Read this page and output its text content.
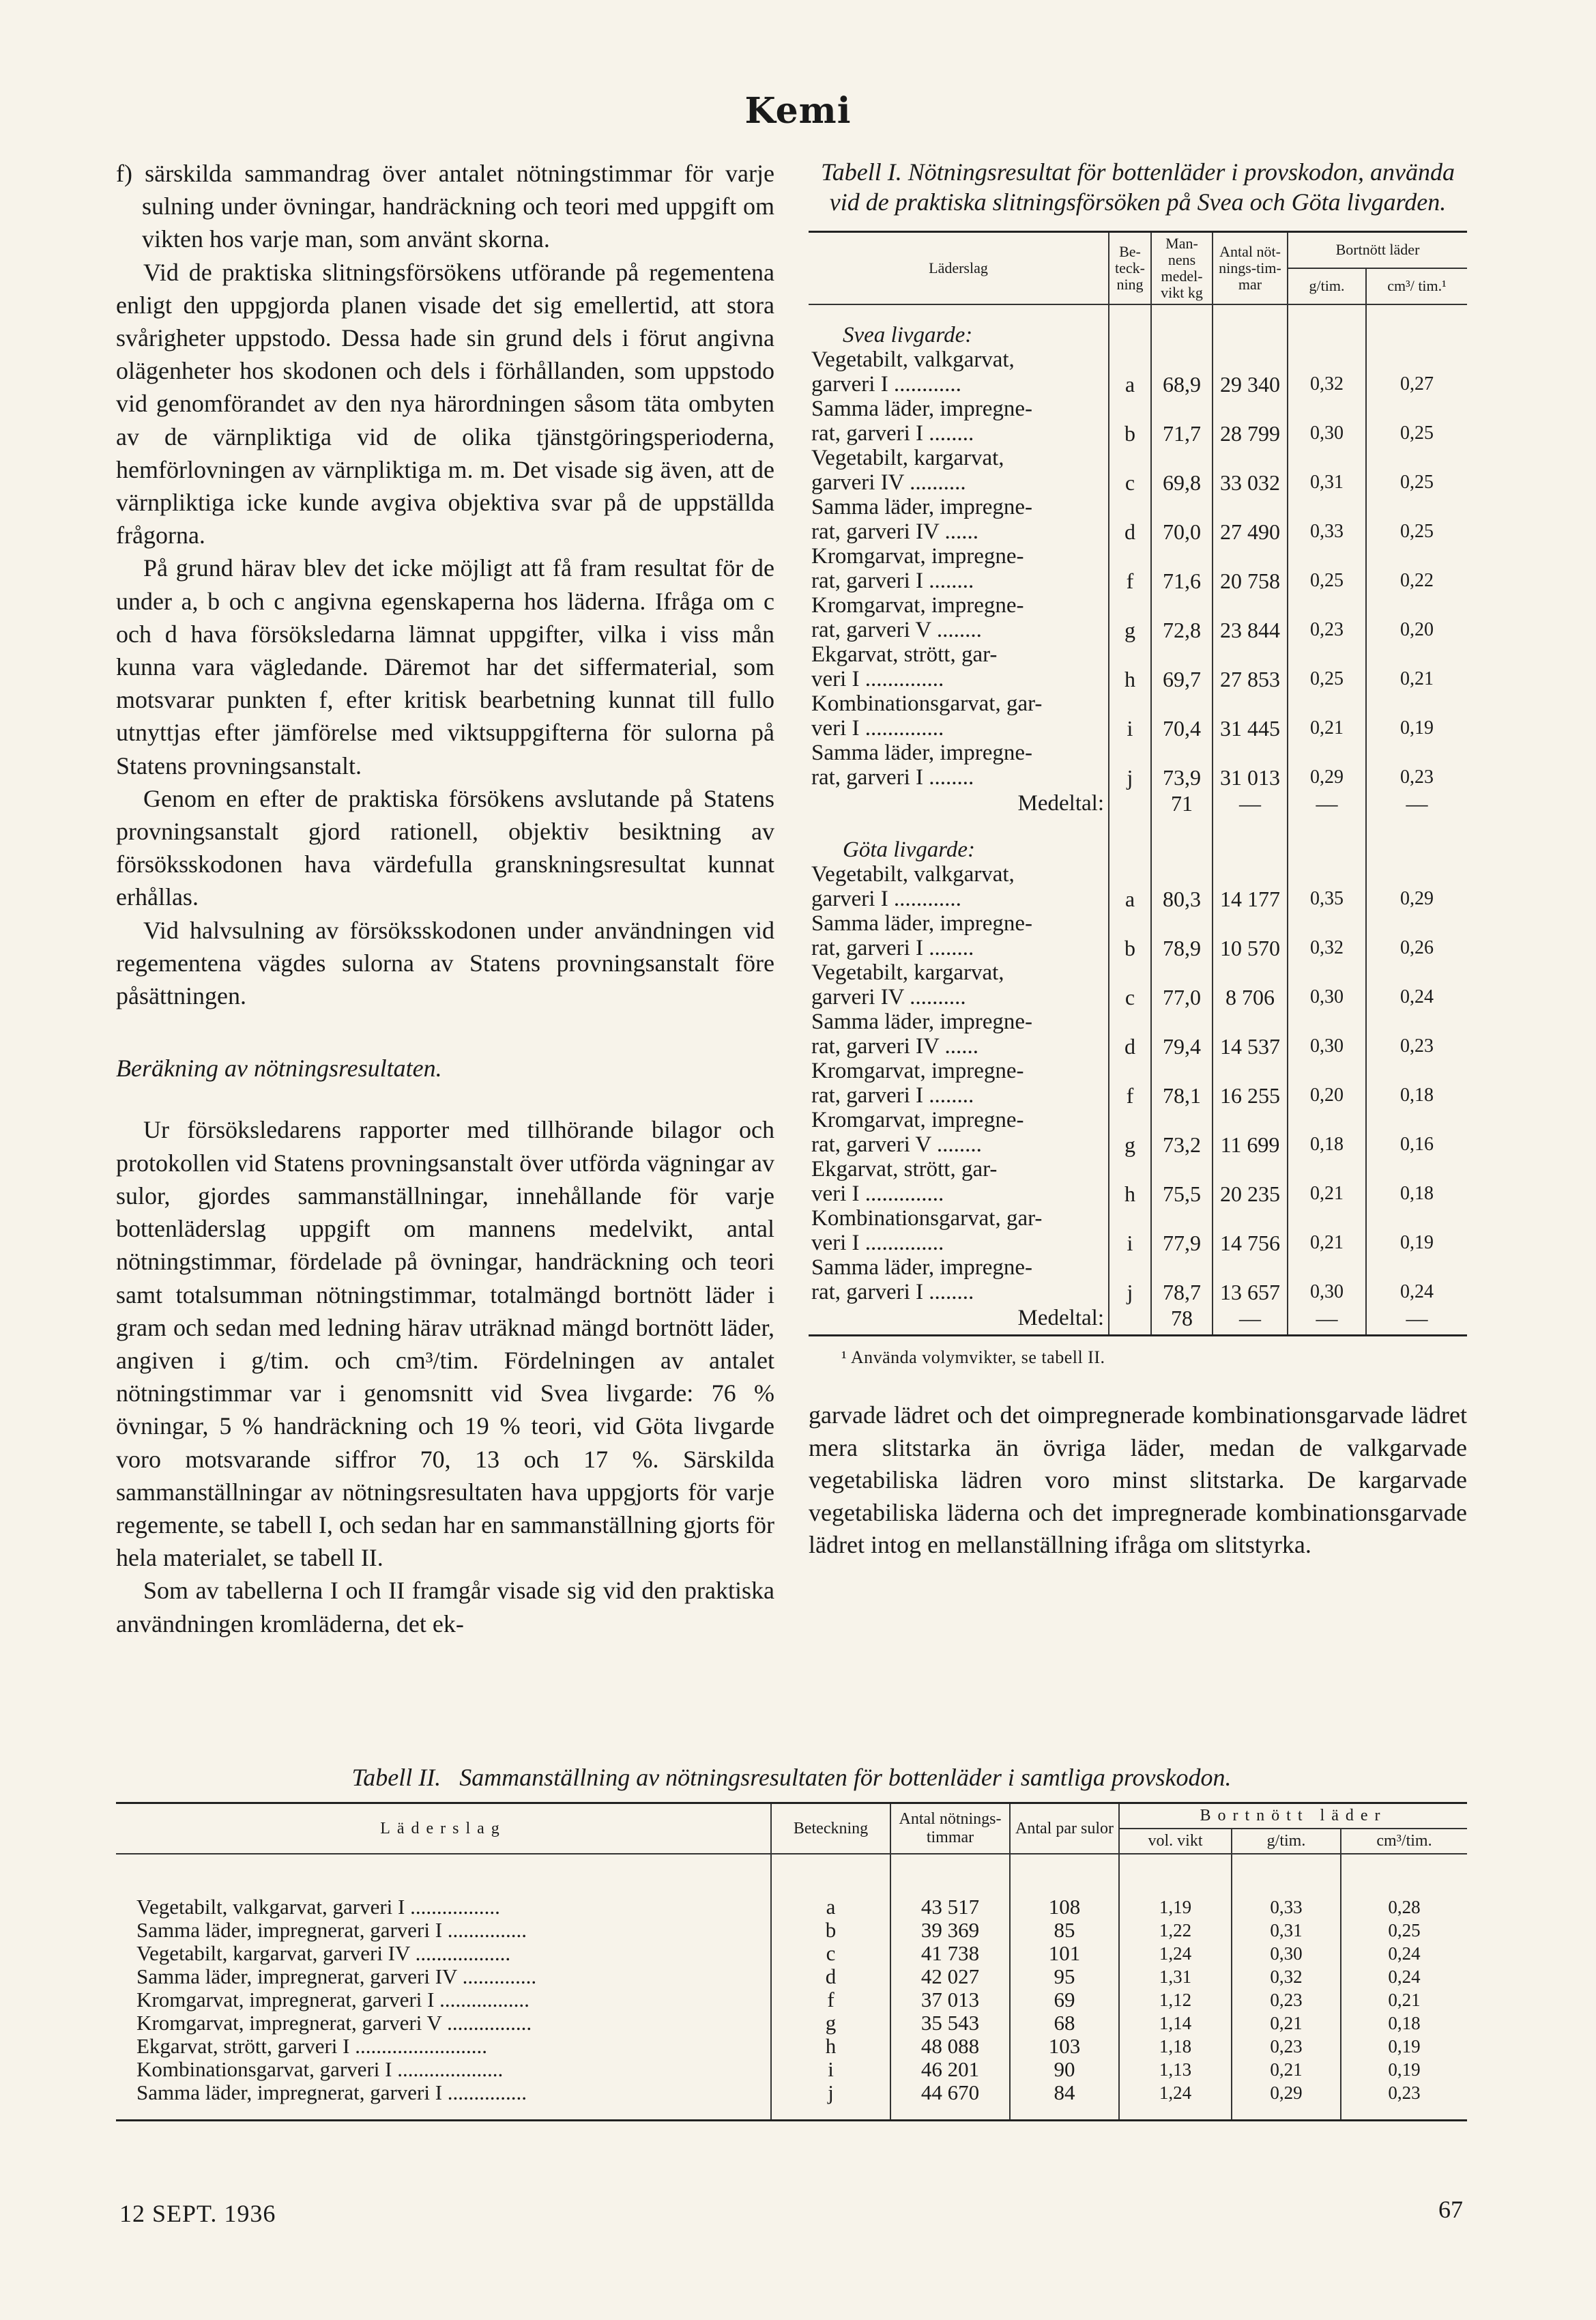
Kemi

f) särskilda sammandrag över antalet nötningstimmar för varje sulning under övningar, handräckning och teori med uppgift om vikten hos varje man, som använt skorna.

Vid de praktiska slitningsförsökens utförande på regementena enligt den uppgjorda planen visade det sig emellertid, att stora svårigheter uppstodo. Dessa hade sin grund dels i förut angivna olägenheter hos skodonen och dels i förhållanden, som uppstodo vid genomförandet av den nya härordningen såsom täta ombyten av de värnpliktiga vid de olika tjänstgöringsperioderna, hemförlovningen av värnpliktiga m. m. Det visade sig även, att de värnpliktiga icke kunde avgiva objektiva svar på de uppställda frågorna.

På grund härav blev det icke möjligt att få fram resultat för de under a, b och c angivna egenskaperna hos läderna. Ifråga om c och d hava försöksledarna lämnat uppgifter, vilka i viss mån kunna vara vägledande. Däremot har det siffermaterial, som motsvarar punkten f, efter kritisk bearbetning kunnat till fullo utnyttjas efter jämförelse med viktsuppgifterna för sulorna på Statens provningsanstalt.

Genom en efter de praktiska försökens avslutande på Statens provningsanstalt gjord rationell, objektiv besiktning av försöksskodonen hava värdefulla granskningsresultat kunnat erhållas.

Vid halvsulning av försöksskodonen under användningen vid regementena vägdes sulorna av Statens provningsanstalt före påsättningen.

Beräkning av nötningsresultaten.

Ur försöksledarens rapporter med tillhörande bilagor och protokollen vid Statens provningsanstalt över utförda vägningar av sulor, gjordes sammanställningar, innehållande för varje bottenläderslag uppgift om mannens medelvikt, antal nötningstimmar, fördelade på övningar, handräckning och teori samt totalsumman nötningstimmar, totalmängd bortnött läder i gram och sedan med ledning härav uträknad mängd bortnött läder, angiven i g/tim. och cm³/tim. Fördelningen av antalet nötningstimmar var i genomsnitt vid Svea livgarde: 76 % övningar, 5 % handräckning och 19 % teori, vid Göta livgarde voro motsvarande siffror 70, 13 och 17 %. Särskilda sammanställningar av nötningsresultaten hava uppgjorts för varje regemente, se tabell I, och sedan har en sammanställning gjorts för hela materialet, se tabell II.

Som av tabellerna I och II framgår visade sig vid den praktiska användningen kromläderna, det ek-

Tabell I. Nötningsresultat för bottenläder i provskodon, använda vid de praktiska slitningsförsöken på Svea och Göta livgarden.

Läderslag	Be-teck-ning	Man-nens medel-vikt kg	Antal nöt-nings-tim-mar	Bortnött läder	
				g/tim.	cm³/ tim.¹
Svea livgarde:					
Vegetabilt, valkgarvat,					
garveri I ............	a	68,9	29 340	0,32	0,27
Samma läder, impregne-					
rat, garveri I ........	b	71,7	28 799	0,30	0,25
Vegetabilt, kargarvat,					
garveri IV ..........	c	69,8	33 032	0,31	0,25
Samma läder, impregne-					
rat, garveri IV ......	d	70,0	27 490	0,33	0,25
Kromgarvat, impregne-					
rat, garveri I ........	f	71,6	20 758	0,25	0,22
Kromgarvat, impregne-					
rat, garveri V ........	g	72,8	23 844	0,23	0,20
Ekgarvat, strött, gar-					
veri I ..............	h	69,7	27 853	0,25	0,21
Kombinationsgarvat, gar-					
veri I ..............	i	70,4	31 445	0,21	0,19
Samma läder, impregne-					
rat, garveri I ........	j	73,9	31 013	0,29	0,23
Medeltal:		71	—	—	—
Göta livgarde:					
Vegetabilt, valkgarvat,					
garveri I ............	a	80,3	14 177	0,35	0,29
Samma läder, impregne-					
rat, garveri I ........	b	78,9	10 570	0,32	0,26
Vegetabilt, kargarvat,					
garveri IV ..........	c	77,0	8 706	0,30	0,24
Samma läder, impregne-					
rat, garveri IV ......	d	79,4	14 537	0,30	0,23
Kromgarvat, impregne-					
rat, garveri I ........	f	78,1	16 255	0,20	0,18
Kromgarvat, impregne-					
rat, garveri V ........	g	73,2	11 699	0,18	0,16
Ekgarvat, strött, gar-					
veri I ..............	h	75,5	20 235	0,21	0,18
Kombinationsgarvat, gar-					
veri I ..............	i	77,9	14 756	0,21	0,19
Samma läder, impregne-					
rat, garveri I ........	j	78,7	13 657	0,30	0,24
Medeltal:		78	—	—	—
¹ Använda volymvikter, se tabell II.

garvade lädret och det oimpregnerade kombinationsgarvade lädret mera slitstarka än övriga läder, medan de valkgarvade vegetabiliska lädren voro minst slitstarka. De kargarvade vegetabiliska läderna och det impregnerade kombinationsgarvade lädret intog en mellanställning ifråga om slitstyrka.

Tabell II. Sammanställning av nötningsresultaten för bottenläder i samtliga provskodon.
Läderslag	Beteckning	Antal nötnings-timmar	Antal par sulor	Bortnött läder		
				vol. vikt	g/tim.	cm³/tim.
Vegetabilt, valkgarvat, garveri I .................	a	43 517	108	1,19	0,33	0,28
Samma läder, impregnerat, garveri I ...............	b	39 369	85	1,22	0,31	0,25
Vegetabilt, kargarvat, garveri IV ..................	c	41 738	101	1,24	0,30	0,24
Samma läder, impregnerat, garveri IV ..............	d	42 027	95	1,31	0,32	0,24
Kromgarvat, impregnerat, garveri I .................	f	37 013	69	1,12	0,23	0,21
Kromgarvat, impregnerat, garveri V ................	g	35 543	68	1,14	0,21	0,18
Ekgarvat, strött, garveri I .........................	h	48 088	103	1,18	0,23	0,19
Kombinationsgarvat, garveri I ....................	i	46 201	90	1,13	0,21	0,19
Samma läder, impregnerat, garveri I ...............	j	44 670	84	1,24	0,29	0,23
12 SEPT. 1936	67
